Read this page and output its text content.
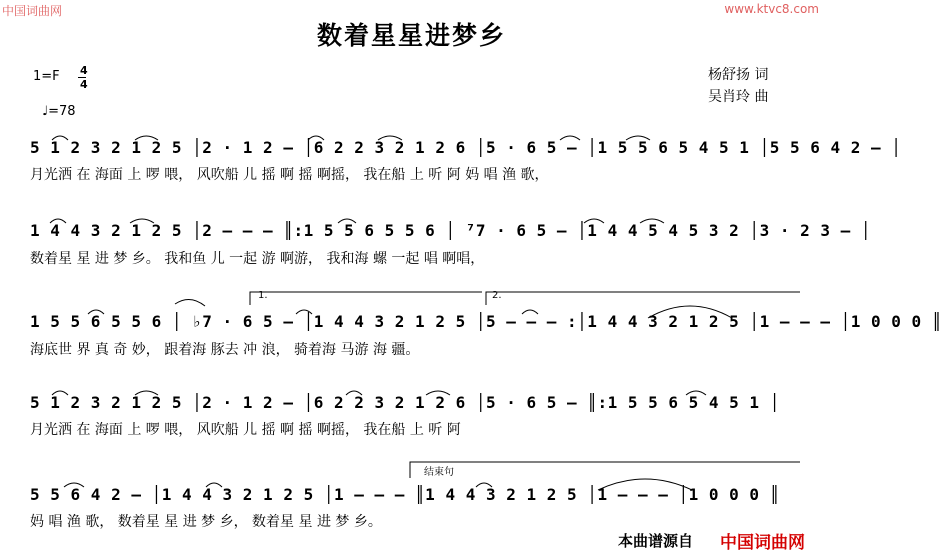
中国词曲网	www.ktvc8.com
数着星星进梦乡
1=F 4
4
♩=78
杨舒扬 词
吴肖玲 曲
5 1 2 3 2 1 2 5 │2 · 1 2 – │6 2 2 3 2 1 2 6 │5 · 6 5 – │1 5 5 6 5 4 5 1 │5 5 6 4 2 – │
月光洒 在 海面 上 啰 喂， 风吹船 儿 摇 啊 摇 啊摇， 我在船 上 听 阿 妈 唱 渔 歌，
1 4 4 3 2 1 2 5 │2 – – – ║:1 5 5 6 5 5 6 │ ⁷7 · 6 5 – │1 4 4 5 4 5 3 2 │3 · 2 3 – │
数着星 星 进 梦 乡。 我和鱼 儿 一起 游 啊游， 我和海 螺 一起 唱 啊唱，
1.	2.
1 5 5 6 5 5 6 │ ♭7 · 6 5 – │1 4 4 3 2 1 2 5 │5 – – – :│1 4 4 3 2 1 2 5 │1 – – – │1 0 0 0 ║
海底世 界 真 奇 妙， 跟着海 豚去 冲 浪， 骑着海 马游 海 疆。
5 1 2 3 2 1 2 5 │2 · 1 2 – │6 2 2 3 2 1 2 6 │5 · 6 5 – ║:1 5 5 6 5 4 5 1 │
月光洒 在 海面 上 啰 喂， 风吹船 儿 摇 啊 摇 啊摇， 我在船 上 听 阿
结束句
5 5 6 4 2 – │1 4 4 3 2 1 2 5 │1 – – – ║1 4 4 3 2 1 2 5 │1 – – – │1 0 0 0 ║
妈 唱 渔 歌， 数着星 星 进 梦 乡， 数着星 星 进 梦 乡。
本曲谱源自 中国词曲网
